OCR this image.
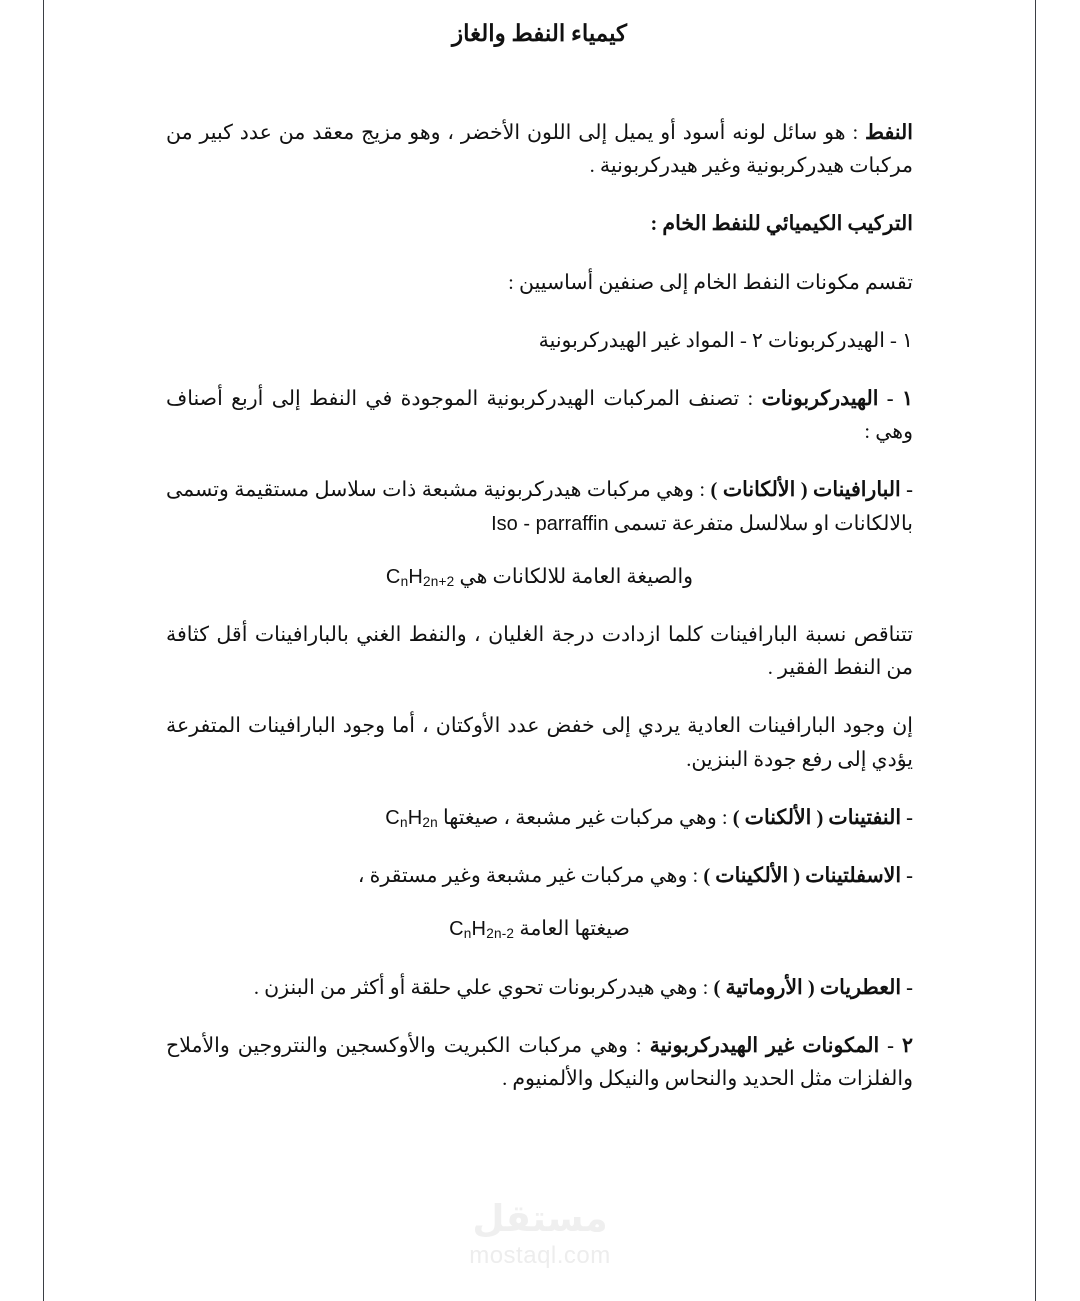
كيمياء النفط والغاز

النفط : هو سائل لونه أسود أو يميل إلى اللون الأخضر ، وهو مزيج معقد من عدد كبير من مركبات هيدركربونية وغير هيدركربونية .

التركيب الكيميائي للنفط الخام :

تقسم مكونات النفط الخام إلى صنفين أساسيين :

١ - الهيدركربونات ٢ - المواد غير الهيدركربونية

١ - الهيدركربونات : تصنف المركبات الهيدركربونية الموجودة في النفط إلى أربع أصناف وهي :

- البارافينات ( الألكانات ) : وهي مركبات هيدركربونية مشبعة ذات سلاسل مستقيمة وتسمى بالالكانات او سلالسل متفرعة تسمى Iso - parraffin

والصيغة العامة للالكانات هي $C_nH_{2n+2}$

تتناقص نسبة البارافينات كلما ازدادت درجة الغليان ، والنفط الغني بالبارافينات أقل كثافة من النفط الفقير .

إن وجود البارافينات العادية يردي إلى خفض عدد الأوكتان ، أما وجود البارافينات المتفرعة يؤدي إلى رفع جودة البنزين.

- النفتينات ( الألكنات ) : وهي مركبات غير مشبعة ، صيغتها $C_nH_{2n}$

- الاسفلتينات ( الألكينات ) : وهي مركبات غير مشبعة وغير مستقرة ،

صيغتها العامة $C_nH_{2n-2}$

- العطريات ( الأروماتية ) : وهي هيدركربونات تحوي علي حلقة أو أكثر من البنزن .

٢ - المكونات غير الهيدركربونية : وهي مركبات الكبريت والأوكسجين والنتروجين والأملاح والفلزات مثل الحديد والنحاس والنيكل والألمنيوم .

مستقل
mostaql.com
